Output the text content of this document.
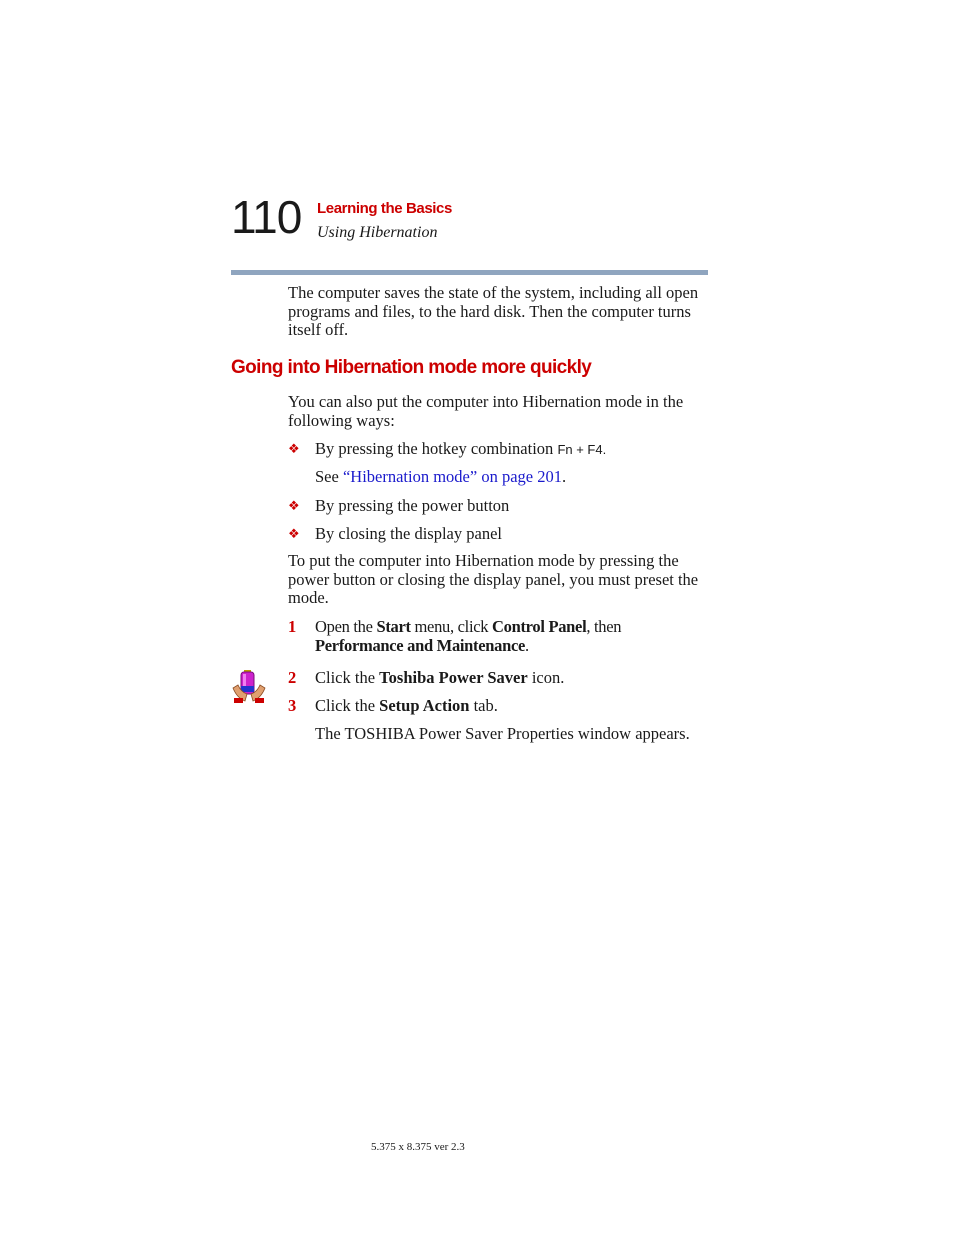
110 Learning the Basics
Using Hibernation
The computer saves the state of the system, including all open
programs and files, to the hard disk. Then the computer turns
itself off.
Going into Hibernation mode more quickly
You can also put the computer into Hibernation mode in the
following ways:
❖ By pressing the hotkey combination Fn + F4.
See “Hibernation mode” on page 201.
❖ By pressing the power button
❖ By closing the display panel
To put the computer into Hibernation mode by pressing the
power button or closing the display panel, you must preset the
mode.
1 Open the Start menu, click Control Panel, then
Performance and Maintenance.
2 Click the Toshiba Power Saver icon.
3 Click the Setup Action tab.
The TOSHIBA Power Saver Properties window appears.
5.375 x 8.375 ver 2.3
